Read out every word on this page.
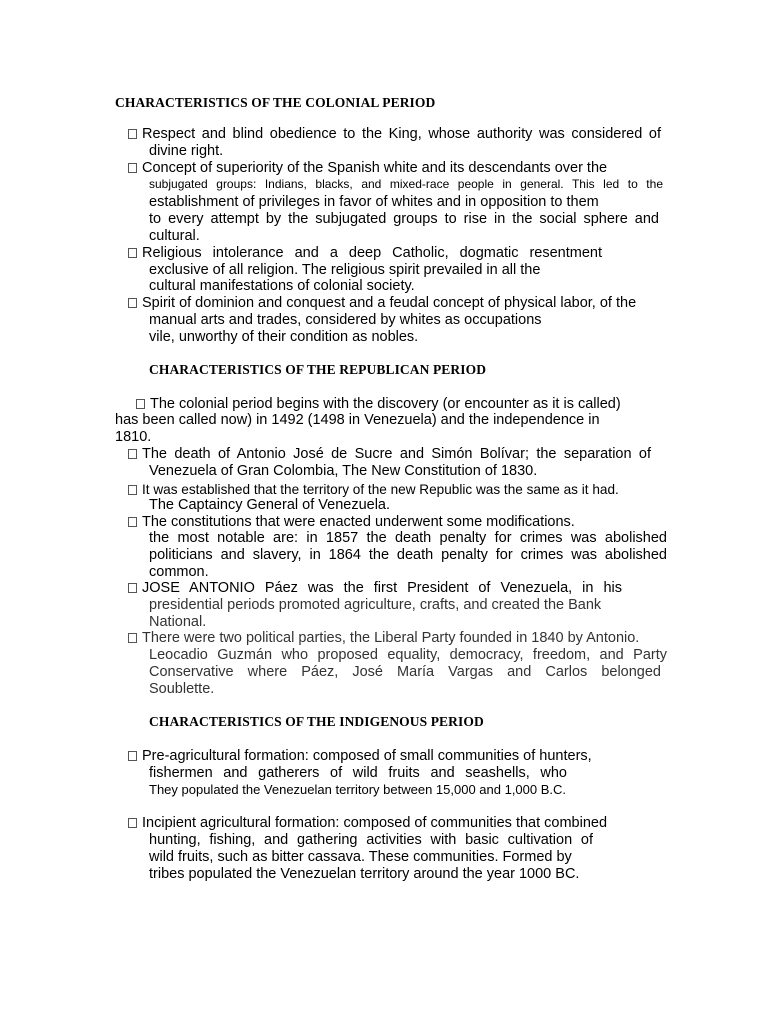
CHARACTERISTICS OF THE COLONIAL PERIOD
Respect and blind obedience to the King, whose authority was considered of
divine right.
Concept of superiority of the Spanish white and its descendants over the
subjugated groups: Indians, blacks, and mixed-race people in general. This led to the
establishment of privileges in favor of whites and in opposition to them
to every attempt by the subjugated groups to rise in the social sphere and
cultural.
Religious intolerance and a deep Catholic, dogmatic resentment
exclusive of all religion. The religious spirit prevailed in all the
cultural manifestations of colonial society.
Spirit of dominion and conquest and a feudal concept of physical labor, of the
manual arts and trades, considered by whites as occupations
vile, unworthy of their condition as nobles.
CHARACTERISTICS OF THE REPUBLICAN PERIOD
The colonial period begins with the discovery (or encounter as it is called)
has been called now) in 1492 (1498 in Venezuela) and the independence in
1810.
The death of Antonio José de Sucre and Simón Bolívar; the separation of
Venezuela of Gran Colombia, The New Constitution of 1830.
It was established that the territory of the new Republic was the same as it had.
The Captaincy General of Venezuela.
The constitutions that were enacted underwent some modifications.
the most notable are: in 1857 the death penalty for crimes was abolished
politicians and slavery, in 1864 the death penalty for crimes was abolished
common.
JOSE ANTONIO Páez was the first President of Venezuela, in his
presidential periods promoted agriculture, crafts, and created the Bank
National.
There were two political parties, the Liberal Party founded in 1840 by Antonio.
Leocadio Guzmán who proposed equality, democracy, freedom, and Party
Conservative where Páez, José María Vargas and Carlos belonged
Soublette.
CHARACTERISTICS OF THE INDIGENOUS PERIOD
Pre-agricultural formation: composed of small communities of hunters,
fishermen and gatherers of wild fruits and seashells, who
They populated the Venezuelan territory between 15,000 and 1,000 B.C.
Incipient agricultural formation: composed of communities that combined
hunting, fishing, and gathering activities with basic cultivation of
wild fruits, such as bitter cassava. These communities. Formed by
tribes populated the Venezuelan territory around the year 1000 BC.
